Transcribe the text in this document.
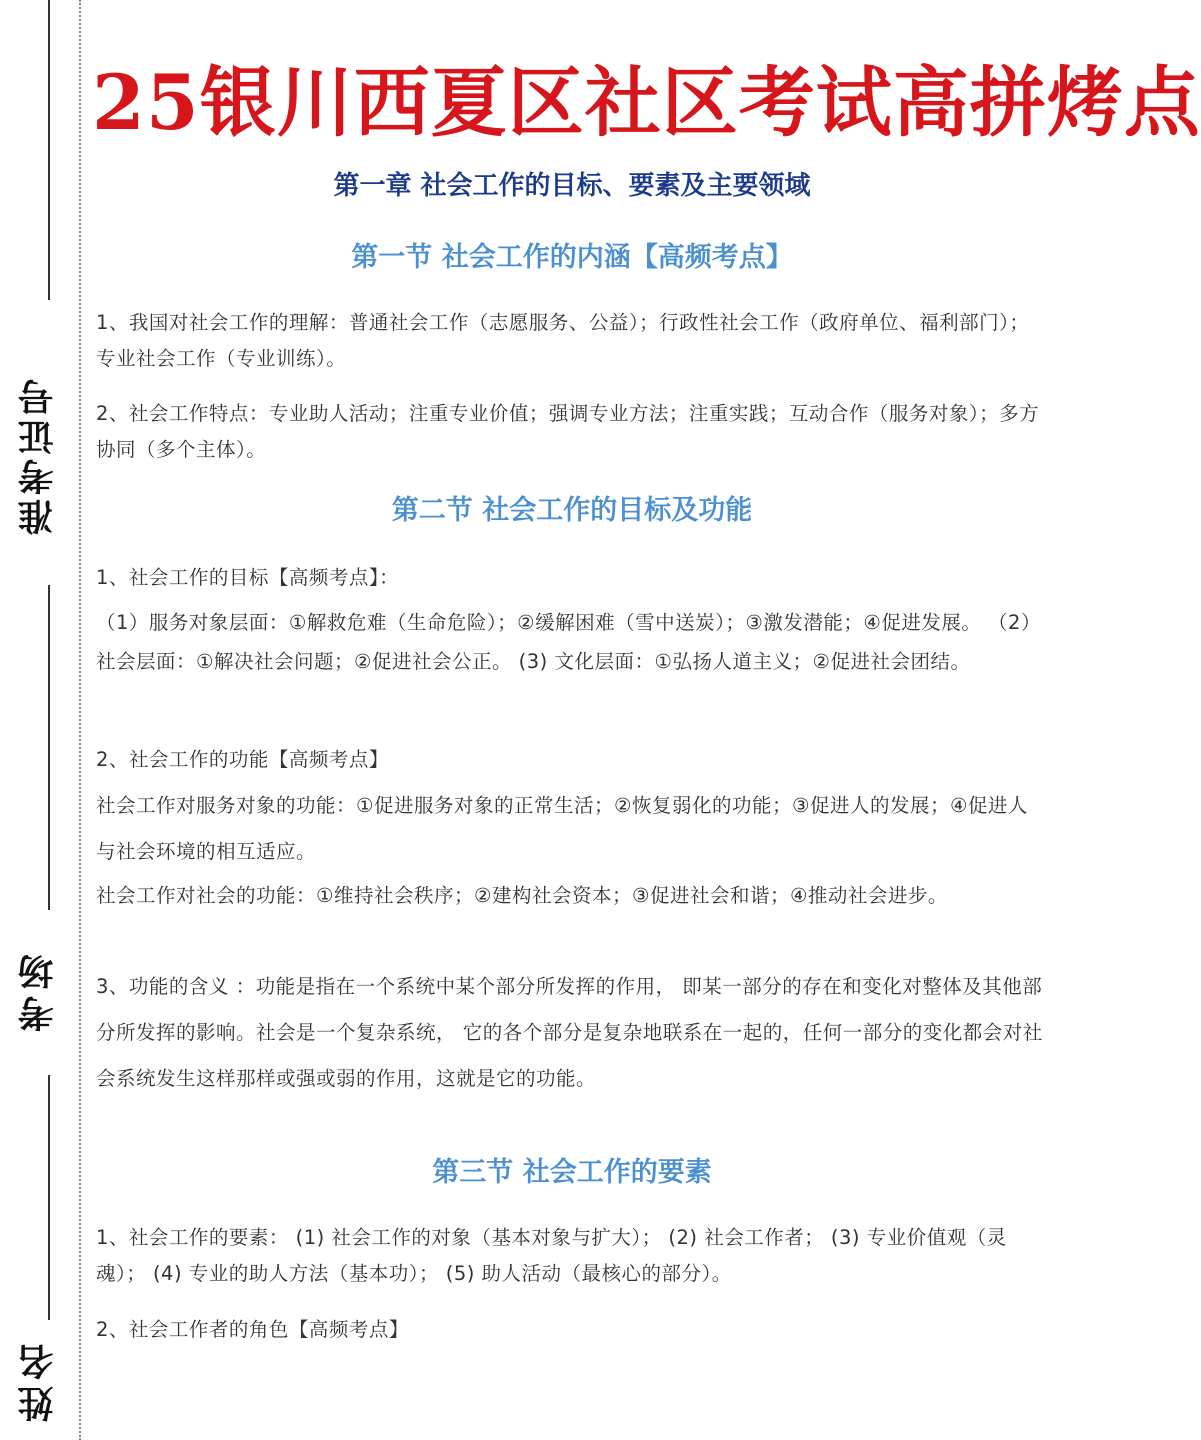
准考证号
考场
姓名
25银川西夏区社区考试高拼烤点
第一章 社会工作的目标、要素及主要领域
第一节 社会工作的内涵【高频考点】
1、我国对社会工作的理解：普通社会工作（志愿服务、公益）；行政性社会工作（政府单位、福利部门）；专业社会工作（专业训练）。
2、社会工作特点：专业助人活动；注重专业价值；强调专业方法；注重实践；互动合作（服务对象）；多方协同（多个主体）。
第二节 社会工作的目标及功能
1、社会工作的目标【高频考点】：
（1）服务对象层面：①解救危难（生命危险）；②缓解困难（雪中送炭）；③激发潜能；④促进发展。 （2）社会层面：①解决社会问题；②促进社会公正。 (3) 文化层面：①弘扬人道主义；②促进社会团结。
2、社会工作的功能【高频考点】
社会工作对服务对象的功能：①促进服务对象的正常生活；②恢复弱化的功能；③促进人的发展；④促进人与社会环境的相互适应。
社会工作对社会的功能：①维持社会秩序；②建构社会资本；③促进社会和谐；④推动社会进步。
3、功能的含义 ：功能是指在一个系统中某个部分所发挥的作用， 即某一部分的存在和变化对整体及其他部分所发挥的影响。社会是一个复杂系统， 它的各个部分是复杂地联系在一起的，任何一部分的变化都会对社会系统发生这样那样或强或弱的作用，这就是它的功能。
第三节 社会工作的要素
1、社会工作的要素： (1) 社会工作的对象（基本对象与扩大）； (2) 社会工作者； (3) 专业价值观（灵魂）； (4) 专业的助人方法（基本功）； (5) 助人活动（最核心的部分）。
2、社会工作者的角色【高频考点】
